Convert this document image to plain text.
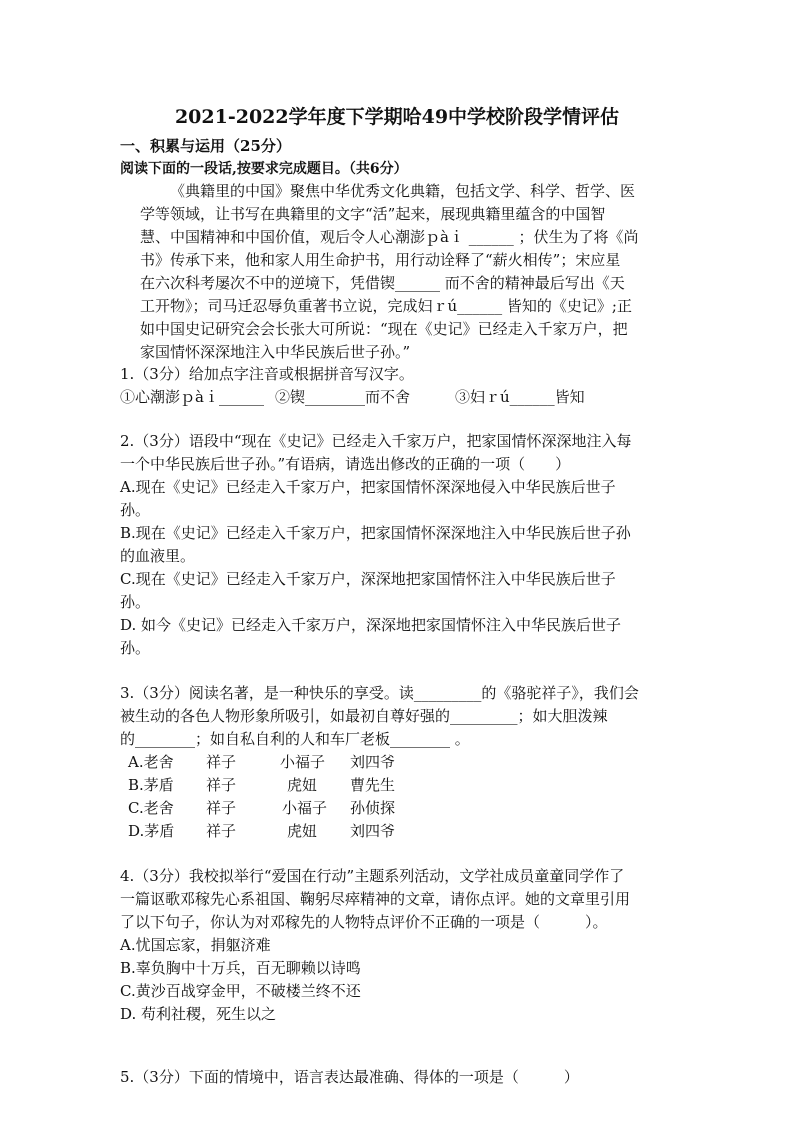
2021-2022学年度下学期哈49中学校阶段学情评估
一、积累与运用（25分）
阅读下面的一段话,按要求完成题目。（共6分）
《典籍里的中国》聚焦中华优秀文化典籍，包括文学、科学、哲学、医
学等领域，让书写在典籍里的文字“活”起来，展现典籍里蕴含的中国智
慧、中国精神和中国价值，观后令人心潮澎ｐàｉ ______ ；伏生为了将《尚
书》传承下来，他和家人用生命护书，用行动诠释了“薪火相传”；宋应星
在六次科考屡次不中的逆境下，凭借锲______ 而不舍的精神最后写出《天
工开物》；司马迁忍辱负重著书立说，完成妇ｒú______ 皆知的《史记》;正
如中国史记研究会会长张大可所说：“现在《史记》已经走入千家万户，把
家国情怀深深地注入中华民族后世子孙。”
1.（3分）给加点字注音或根据拼音写汉字。
①心潮澎ｐàｉ______ ②锲________而不舍	③妇ｒú______皆知
2.（3分）语段中“现在《史记》已经走入千家万户，把家国情怀深深地注入每
一个中华民族后世子孙。”有语病，请选出修改的正确的一项（　　）
A.现在《史记》已经走入千家万户，把家国情怀深深地侵入中华民族后世子
孙。
B.现在《史记》已经走入千家万户，把家国情怀深深地注入中华民族后世子孙
的血液里。
C.现在《史记》已经走入千家万户，深深地把家国情怀注入中华民族后世子
孙。
D. 如今《史记》已经走入千家万户，深深地把家国情怀注入中华民族后世子
孙。
3.（3分）阅读名著，是一种快乐的享受。读_________的《骆驼祥子》，我们会
被生动的各色人物形象所吸引，如最初自尊好强的_________；如大胆泼辣
的________；如自私自利的人和车厂老板________ 。
A.老舍 祥子	小福子 刘四爷
B.茅盾 祥子	虎妞 曹先生
C.老舍 祥子	小福子 孙侦探
D.茅盾 祥子	虎妞 刘四爷
4.（3分）我校拟举行“爱国在行动”主题系列活动，文学社成员童童同学作了
一篇讴歌邓稼先心系祖国、鞠躬尽瘁精神的文章，请你点评。她的文章里引用
了以下句子，你认为对邓稼先的人物特点评价不正确的一项是（　　　）。
A.忧国忘家，捐躯济难
B.辜负胸中十万兵，百无聊赖以诗鸣
C.黄沙百战穿金甲，不破楼兰终不还
D. 苟利社稷，死生以之
5.（3分）下面的情境中，语言表达最准确、得体的一项是（　　　）
